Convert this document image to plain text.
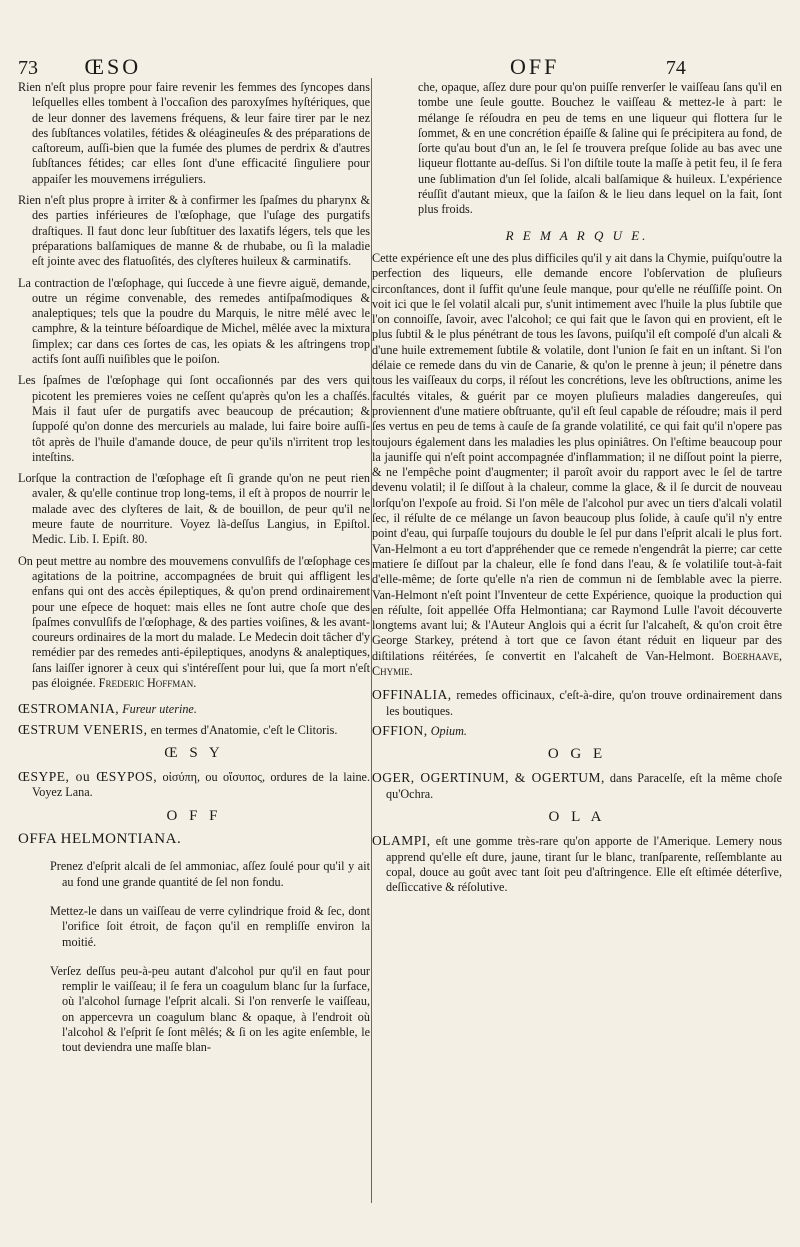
73 ŒSO	OFF	74

Rien n'eſt plus propre pour faire revenir les femmes des ſyncopes dans leſquelles elles tombent à l'occaſion des paroxyſmes hyſtériques, que de leur donner des lavemens fréquens, & leur faire tirer par le nez des ſubſtances volatiles, fétides & oléagineuſes & des préparations de caſtoreum, auſſi-bien que la fumée des plumes de perdrix & d'autres ſubſtances fétides; car elles ſont d'une efficacité ſinguliere pour appaiſer les mouvemens irréguliers.

Rien n'eſt plus propre à irriter & à confirmer les ſpaſmes du pharynx & des parties inférieures de l'œſophage, que l'uſage des purgatifs draſtiques. Il faut donc leur ſubſtituer des laxatifs légers, tels que les préparations balſamiques de manne & de rhubabe, ou ſi la maladie eſt jointe avec des flatuoſités, des clyſteres huileux & carminatifs.

La contraction de l'œſophage, qui ſuccede à une fievre aiguë, demande, outre un régime convenable, des remedes antiſpaſmodiques & analeptiques; tels que la poudre du Marquis, le nitre mêlé avec le camphre, & la teinture béſoardique de Michel, mêlée avec la mixtura ſimplex; car dans ces ſortes de cas, les opiats & les aſtringens trop actifs ſont auſſi nuiſibles que le poiſon.

Les ſpaſmes de l'œſophage qui ſont occaſionnés par des vers qui picotent les premieres voies ne ceſſent qu'après qu'on les a chaſſés. Mais il faut uſer de purgatifs avec beaucoup de précaution; & ſuppoſé qu'on donne des mercuriels au malade, lui faire boire auſſi-tôt après de l'huile d'amande douce, de peur qu'ils n'irritent trop les inteſtins.

Lorſque la contraction de l'œſophage eſt ſi grande qu'on ne peut rien avaler, & qu'elle continue trop long-tems, il eſt à propos de nourrir le malade avec des clyſteres de lait, & de bouillon, de peur qu'il ne meure faute de nourriture. Voyez là-deſſus Langius, in Epiſtol. Medic. Lib. I. Epiſt. 80.

On peut mettre au nombre des mouvemens convulſifs de l'œſophage ces agitations de la poitrine, accompagnées de bruit qui affligent les enfans qui ont des accès épileptiques, & qu'on prend ordinairement pour une eſpece de hoquet: mais elles ne ſont autre choſe que des ſpaſmes convulſifs de l'œſophage, & des parties voiſines, & les avant-coureurs ordinaires de la mort du malade. Le Medecin doit tâcher d'y remédier par des remedes anti-épileptiques, anodyns & analeptiques, ſans laiſſer ignorer à ceux qui s'intéreſſent pour lui, que ſa mort n'eſt pas éloignée. Frederic Hoffman.

ŒSTROMANIA, Fureur uterine.

ŒSTRUM VENERIS, en termes d'Anatomie, c'eſt le Clitoris.

Œ S Y

ŒSYPE, ou ŒSYPOS, οἰσύπη, ou οἴσυπος, ordures de la laine. Voyez Lana.

O F F
OFFA HELMONTIANA.

Prenez d'eſprit alcali de ſel ammoniac, aſſez ſoulé pour qu'il y ait au fond une grande quantité de ſel non fondu.

Mettez-le dans un vaiſſeau de verre cylindrique froid & ſec, dont l'orifice ſoit étroit, de façon qu'il en rempliſſe environ la moitié.

Verſez deſſus peu-à-peu autant d'alcohol pur qu'il en faut pour remplir le vaiſſeau; il ſe fera un coagulum blanc ſur la ſurface, où l'alcohol ſurnage l'eſprit alcali. Si l'on renverſe le vaiſſeau, on appercevra un coagulum blanc & opaque, à l'endroit où l'alcohol & l'eſprit ſe ſont mêlés; & ſi on les agite enſemble, le tout deviendra une maſſe blan-

che, opaque, aſſez dure pour qu'on puiſſe renverſer le vaiſſeau ſans qu'il en tombe une ſeule goutte. Bouchez le vaiſſeau & mettez-le à part: le mélange ſe réſoudra en peu de tems en une liqueur qui flottera ſur le ſommet, & en une concrétion épaiſſe & ſaline qui ſe précipitera au fond, de ſorte qu'au bout d'un an, le ſel ſe trouvera preſque ſolide au bas avec une liqueur flottante au-deſſus. Si l'on diſtile toute la maſſe à petit feu, il ſe fera une ſublimation d'un ſel ſolide, alcali balſamique & huileux. L'expérience réuſſit d'autant mieux, que la ſaiſon & le lieu dans lequel on la fait, ſont plus froids.

R E M A R Q U E.

Cette expérience eſt une des plus difficiles qu'il y ait dans la Chymie, puiſqu'outre la perfection des liqueurs, elle demande encore l'obſervation de pluſieurs circonſtances, dont il ſuffit qu'une ſeule manque, pour qu'elle ne réuſſiſſe point. On voit ici que le ſel volatil alcali pur, s'unit intimement avec l'huile la plus ſubtile que l'on connoiſſe, ſavoir, avec l'alcohol; ce qui fait que le ſavon qui en provient, eſt le plus ſubtil & le plus pénétrant de tous les ſavons, puiſqu'il eſt compoſé d'un alcali & d'une huile extremement ſubtile & volatile, dont l'union ſe fait en un inſtant. Si l'on délaie ce remede dans du vin de Canarie, & qu'on le prenne à jeun; il pénetre dans tous les vaiſſeaux du corps, il réſout les concrétions, leve les obſtructions, anime les facultés vitales, & guérit par ce moyen pluſieurs maladies dangereuſes, qui proviennent d'une matiere obſtruante, qu'il eſt ſeul capable de réſoudre; mais il perd ſes vertus en peu de tems à cauſe de ſa grande volatilité, ce qui fait qu'il n'opere pas toujours également dans les maladies les plus opiniâtres. On l'eſtime beaucoup pour la jaunifſe qui n'eſt point accompagnée d'inflammation; il ne diſſout point la pierre, & ne l'empêche point d'augmenter; il paroît avoir du rapport avec le ſel de tartre devenu volatil; il ſe diſſout à la chaleur, comme la glace, & il ſe durcit de nouveau lorſqu'on l'expoſe au froid. Si l'on mêle de l'alcohol pur avec un tiers d'alcali volatil ſec, il réſulte de ce mélange un ſavon beaucoup plus ſolide, à cauſe qu'il n'y entre point d'eau, qui ſurpaſſe toujours du double le ſel pur dans l'eſprit alcali le plus fort. Van-Helmont a eu tort d'appréhender que ce remede n'engendrât la pierre; car cette matiere ſe diſſout par la chaleur, elle ſe fond dans l'eau, & ſe volatiliſe tout-à-fait d'elle-même; de ſorte qu'elle n'a rien de commun ni de ſemblable avec la pierre. Van-Helmont n'eſt point l'Inventeur de cette Expérience, quoique la production qui en réſulte, ſoit appellée Offa Helmontiana; car Raymond Lulle l'avoit découverte longtems avant lui; & l'Auteur Anglois qui a écrit ſur l'alcaheſt, & qu'on croit être George Starkey, prétend à tort que ce ſavon étant réduit en liqueur par des diſtilations réitérées, ſe convertit en l'alcaheſt de Van-Helmont. Boerhaave, Chymie.

OFFINALIA, remedes officinaux, c'eſt-à-dire, qu'on trouve ordinairement dans les boutiques.

OFFION, Opium.

O G E

OGER, OGERTINUM, & OGERTUM, dans Paracelſe, eſt la même choſe qu'Ochra.

O L A

OLAMPI, eſt une gomme très-rare qu'on apporte de l'Amerique. Lemery nous apprend qu'elle eſt dure, jaune, tirant ſur le blanc, tranſparente, reſſemblante au copal, douce au goût avec tant ſoit peu d'aſtringence. Elle eſt eſtimée déterſive, deſſiccative & réſolutive.
